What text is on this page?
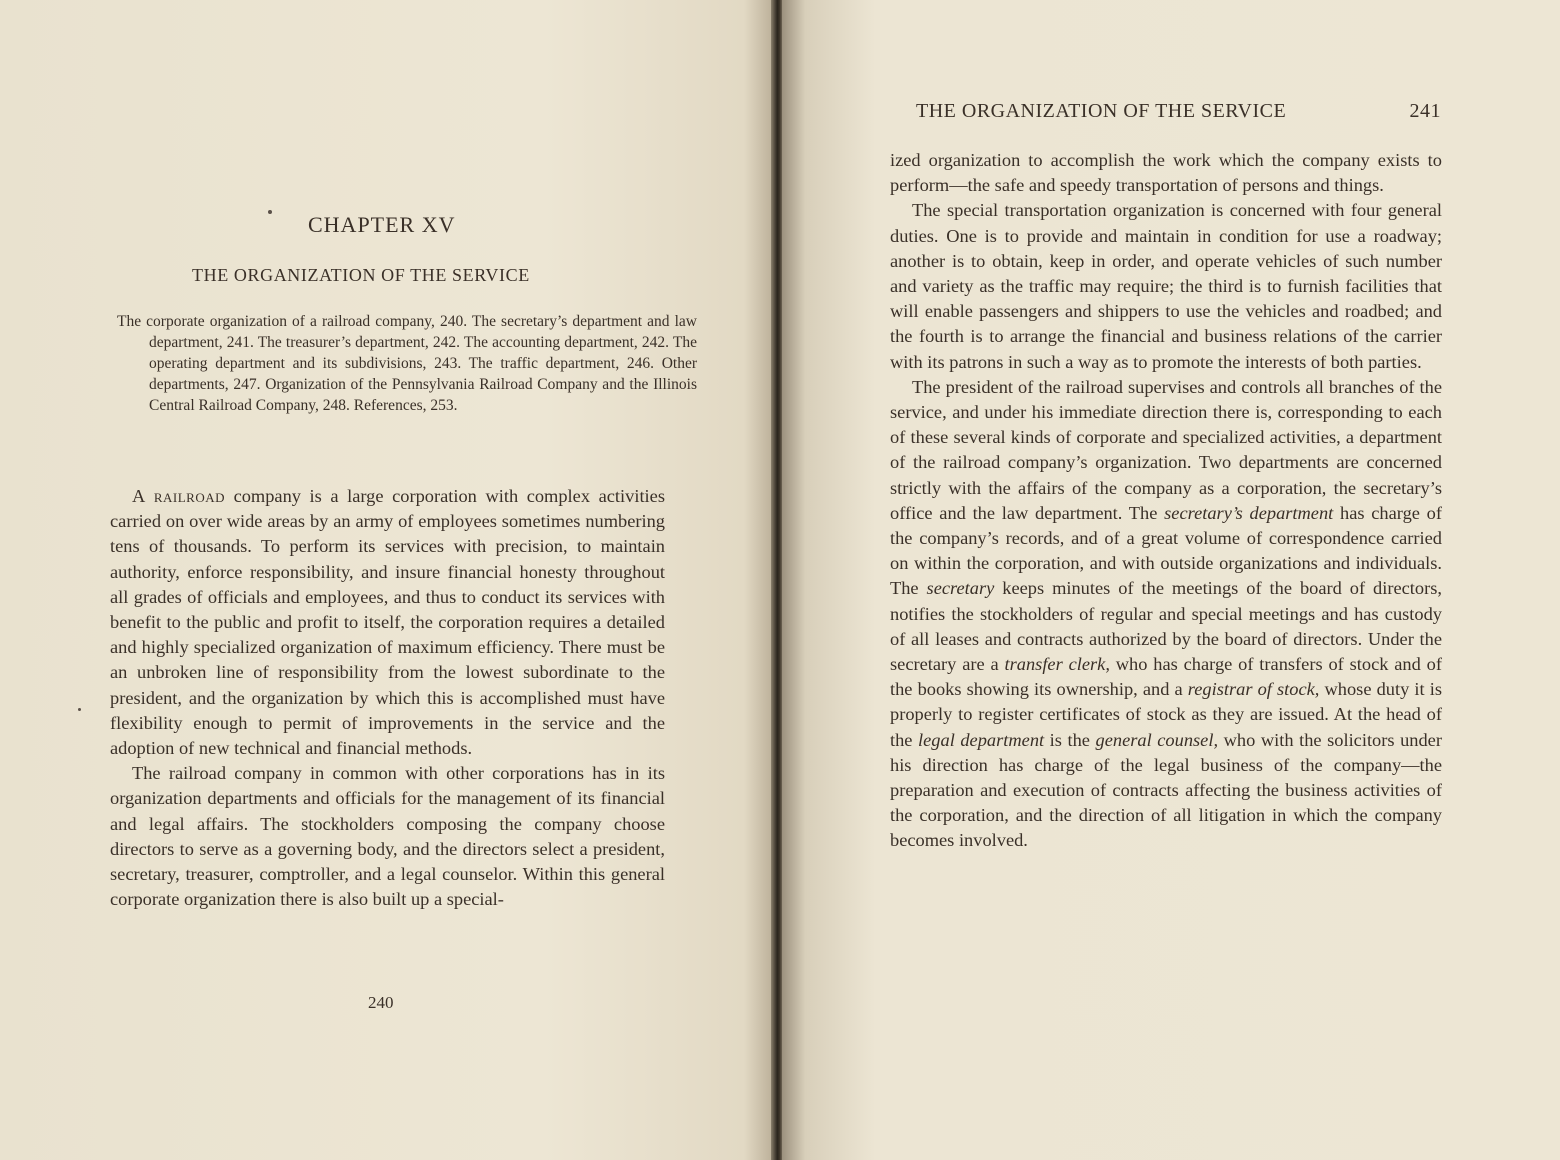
CHAPTER XV
THE ORGANIZATION OF THE SERVICE
The corporate organization of a railroad company, 240. The secretary’s department and law department, 241. The treasurer’s department, 242. The accounting department, 242. The operating department and its subdivisions, 243. The traffic department, 246. Other departments, 247. Organization of the Pennsylvania Railroad Company and the Illinois Central Railroad Company, 248. References, 253.

A railroad company is a large corporation with complex activities carried on over wide areas by an army of employees sometimes numbering tens of thousands. To perform its services with precision, to maintain authority, enforce responsibility, and insure financial honesty throughout all grades of officials and employees, and thus to conduct its services with benefit to the public and profit to itself, the corporation requires a detailed and highly specialized organization of maximum efficiency. There must be an unbroken line of responsibility from the lowest subordinate to the president, and the organization by which this is accomplished must have flexibility enough to permit of improvements in the service and the adoption of new technical and financial methods.

The railroad company in common with other corporations has in its organization departments and officials for the management of its financial and legal affairs. The stockholders composing the company choose directors to serve as a governing body, and the directors select a president, secretary, treasurer, comptroller, and a legal counselor. Within this general corporate organization there is also built up a special-

240
THE ORGANIZATION OF THE SERVICE	241

ized organization to accomplish the work which the company exists to perform—the safe and speedy transportation of persons and things.

The special transportation organization is concerned with four general duties. One is to provide and maintain in condition for use a roadway; another is to obtain, keep in order, and operate vehicles of such number and variety as the traffic may require; the third is to furnish facilities that will enable passengers and shippers to use the vehicles and roadbed; and the fourth is to arrange the financial and business relations of the carrier with its patrons in such a way as to promote the interests of both parties.

The president of the railroad supervises and controls all branches of the service, and under his immediate direction there is, corresponding to each of these several kinds of corporate and specialized activities, a department of the railroad company’s organization. Two departments are concerned strictly with the affairs of the company as a corporation, the secretary’s office and the law department. The secretary’s department has charge of the company’s records, and of a great volume of correspondence carried on within the corporation, and with outside organizations and individuals. The secretary keeps minutes of the meetings of the board of directors, notifies the stockholders of regular and special meetings and has custody of all leases and contracts authorized by the board of directors. Under the secretary are a transfer clerk, who has charge of transfers of stock and of the books showing its ownership, and a registrar of stock, whose duty it is properly to register certificates of stock as they are issued. At the head of the legal department is the general counsel, who with the solicitors under his direction has charge of the legal business of the company—the preparation and execution of contracts affecting the business activities of the corporation, and the direction of all litigation in which the company becomes involved.
